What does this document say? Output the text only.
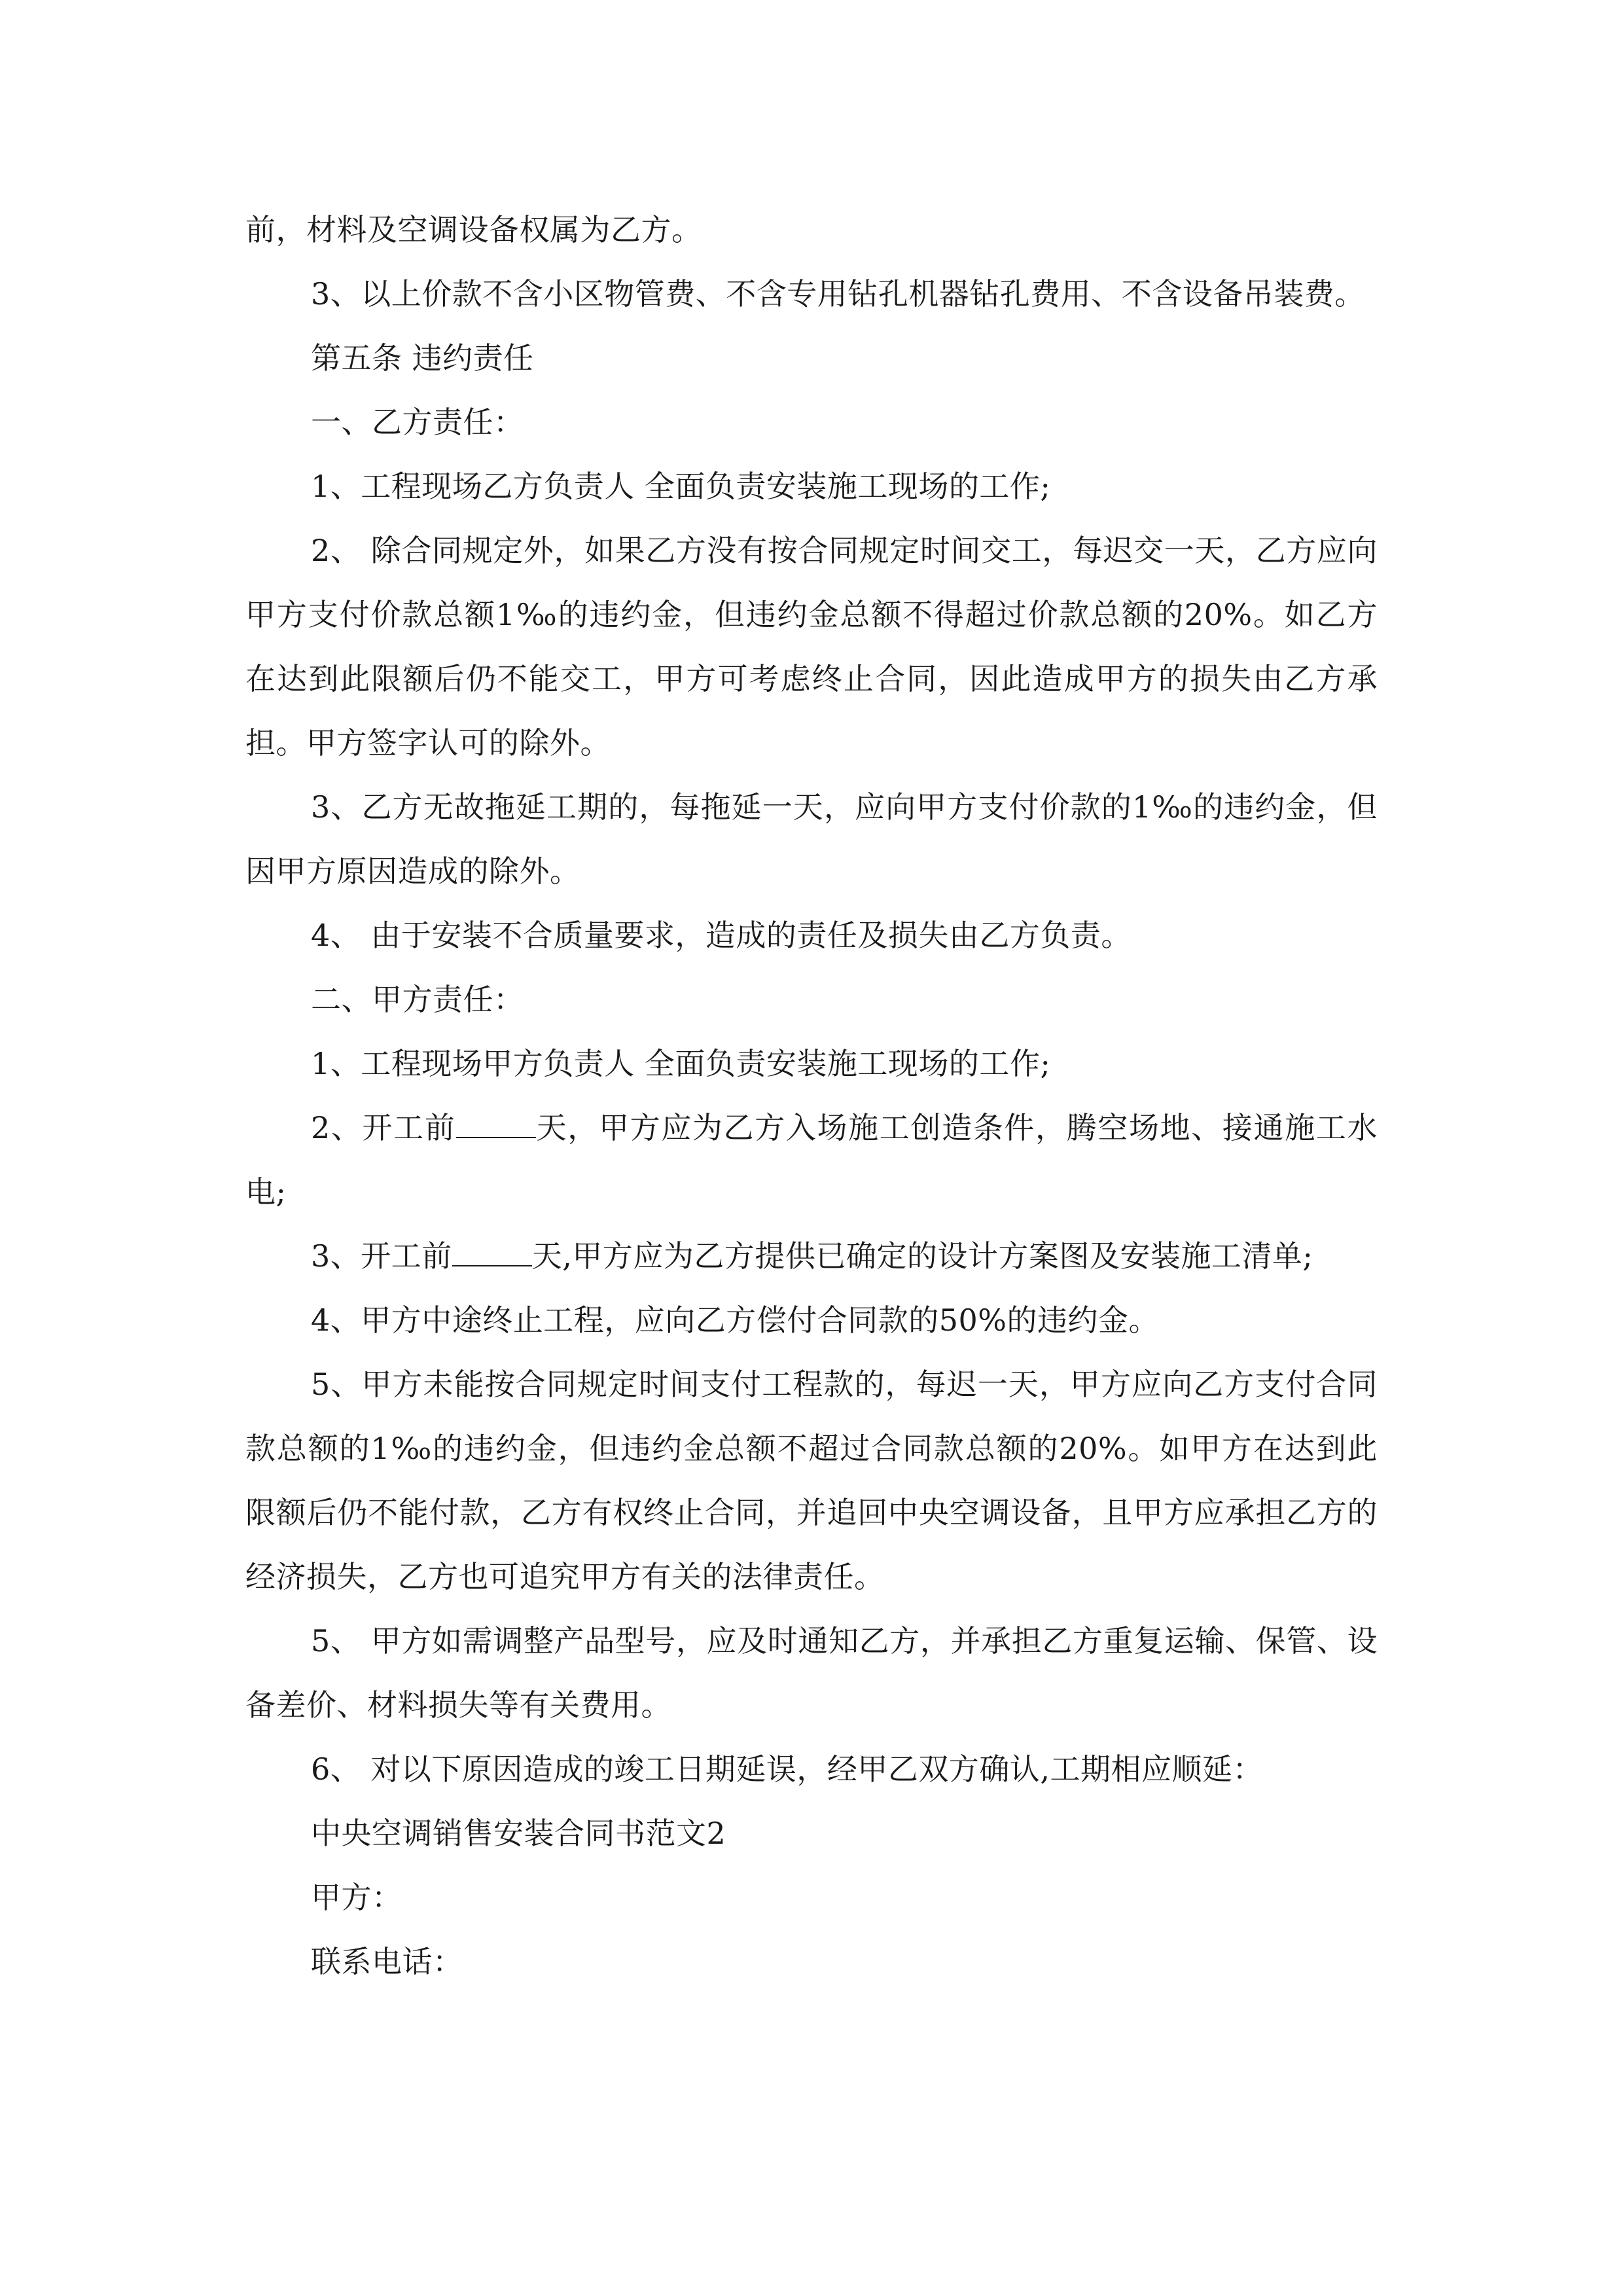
前，材料及空调设备权属为乙方。

3、以上价款不含小区物管费、不含专用钻孔机器钻孔费用、不含设备吊装费。

第五条 违约责任

一、乙方责任：

1、工程现场乙方负责人 全面负责安装施工现场的工作;

2、 除合同规定外，如果乙方没有按合同规定时间交工，每迟交一天，乙方应向甲方支付价款总额1‰的违约金，但违约金总额不得超过价款总额的20%。如乙方在达到此限额后仍不能交工，甲方可考虑终止合同，因此造成甲方的损失由乙方承担。甲方签字认可的除外。

3、乙方无故拖延工期的，每拖延一天，应向甲方支付价款的1‰的违约金，但因甲方原因造成的除外。

4、 由于安装不合质量要求，造成的责任及损失由乙方负责。

二、甲方责任：

1、工程现场甲方负责人 全面负责安装施工现场的工作;

2、开工前	天，甲方应为乙方入场施工创造条件，腾空场地、接通施工水电;

3、开工前	天,甲方应为乙方提供已确定的设计方案图及安装施工清单;

4、甲方中途终止工程，应向乙方偿付合同款的50%的违约金。

5、甲方未能按合同规定时间支付工程款的，每迟一天，甲方应向乙方支付合同款总额的1‰的违约金，但违约金总额不超过合同款总额的20%。如甲方在达到此限额后仍不能付款，乙方有权终止合同，并追回中央空调设备，且甲方应承担乙方的经济损失，乙方也可追究甲方有关的法律责任。

5、 甲方如需调整产品型号，应及时通知乙方，并承担乙方重复运输、保管、设备差价、材料损失等有关费用。

6、 对以下原因造成的竣工日期延误，经甲乙双方确认,工期相应顺延：

中央空调销售安装合同书范文2

甲方：

联系电话：
